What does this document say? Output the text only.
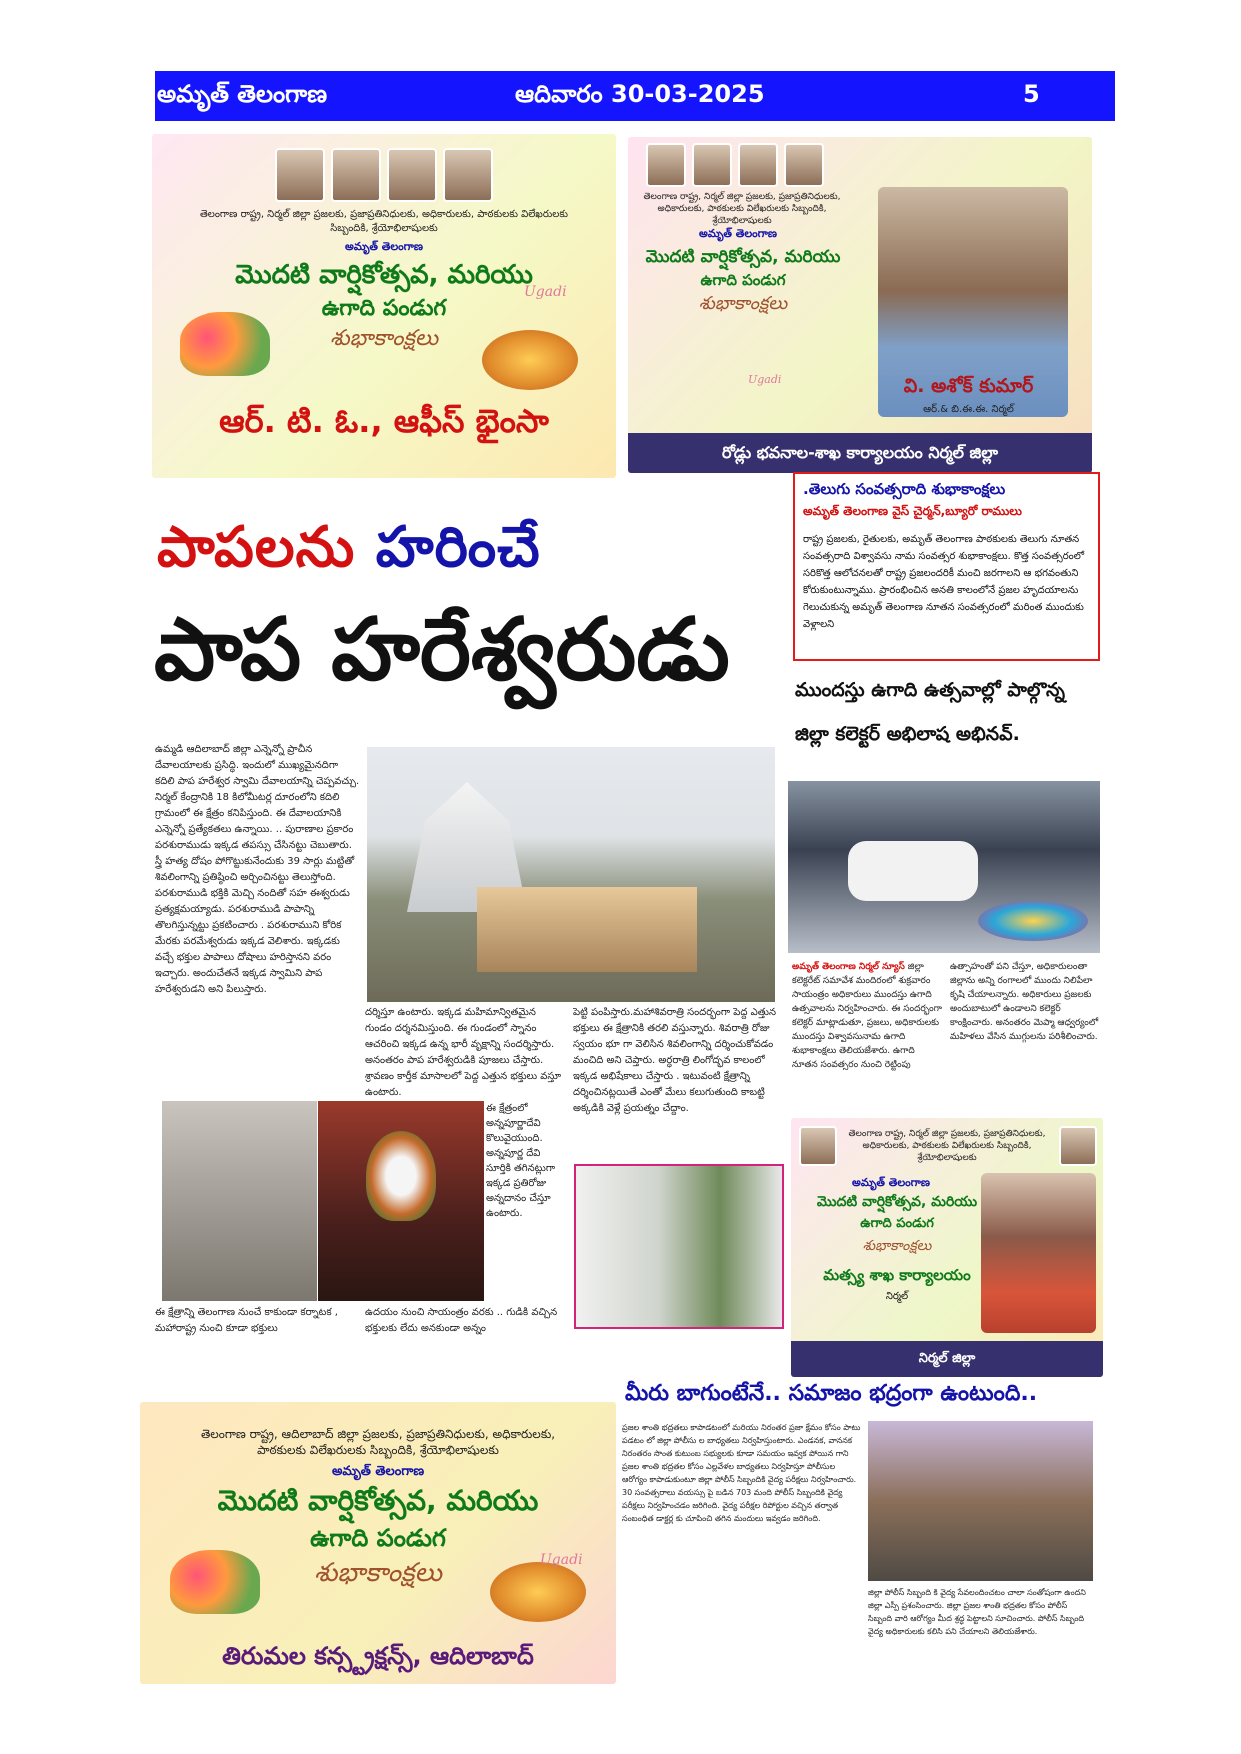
అమృత్ తెలంగాణ	ఆదివారం 30-03-2025	5
తెలంగాణ రాష్ట్ర, నిర్మల్ జిల్లా ప్రజలకు, ప్రజాప్రతినిధులకు, అధికారులకు, పాఠకులకు విలేఖరులకు సిబ్బందికి, శ్రేయోభిలాషులకు
అమృత్ తెలంగాణ
మొదటి వార్షికోత్సవ, మరియు
ఉగాది పండుగ
శుభాకాంక్షలు
Ugadi
ఆర్. టి. ఓ., ఆఫీస్ భైంసా
తెలంగాణ రాష్ట్ర, నిర్మల్ జిల్లా ప్రజలకు, ప్రజాప్రతినిధులకు, అధికారులకు, పాఠకులకు విలేఖరులకు సిబ్బందికి, శ్రేయోభిలాషులకు
అమృత్ తెలంగాణ
మొదటి వార్షికోత్సవ, మరియు
ఉగాది పండుగ
శుభాకాంక్షలు
Ugadi	వి. అశోక్ కుమార్
ఆర్.& బి.ఈ.ఈ. నిర్మల్
రోడ్లు భవనాల-శాఖ కార్యాలయం నిర్మల్ జిల్లా
.తెలుగు సంవత్సరాది శుభాకాంక్షలు
అమృత్ తెలంగాణ వైస్ చైర్మన్,బ్యూరో రాములు

రాష్ట్ర ప్రజలకు, రైతులకు, అమృత్ తెలంగాణ పాఠకులకు తెలుగు నూతన సంవత్సరాది విశ్వావసు నామ సంవత్సర శుభాకాంక్షలు. కొత్త సంవత్సరంలో సరికొత్త ఆలోచనలతో రాష్ట్ర ప్రజలందరికీ మంచి జరగాలని ఆ భగవంతుని కోరుకుంటున్నాము. ప్రారంభించిన అనతి కాలంలోనే ప్రజల హృదయాలను గెలుచుకున్న అమృత్ తెలంగాణ నూతన సంవత్సరంలో మరింత ముందుకు వెళ్లాలని

పాపలను హరించే
పాప హరేశ్వరుడు	ముందస్తు ఉగాది ఉత్సవాల్లో పాల్గొన్న జిల్లా కలెక్టర్ అభిలాష అభినవ్.
ఉమ్మడి ఆదిలాబాద్ జిల్లా ఎన్నెన్నో ప్రాచీన దేవాలయాలకు ప్రసిద్ధి. ఇందులో ముఖ్యమైనదిగా కదిలి పాప హరేశ్వర స్వామి దేవాలయాన్ని చెప్పవచ్చు. నిర్మల్ కేంద్రానికి 18 కిలోమీటర్ల దూరంలోని కదిలి గ్రామంలో ఈ క్షేత్రం కనిపిస్తుంది. ఈ దేవాలయానికి ఎన్నెన్నో ప్రత్యేకతలు ఉన్నాయి. .. పురాణాల ప్రకారం పరశురాముడు ఇక్కడ తపస్సు చేసినట్టు చెబుతారు. స్త్రీ హత్య దోషం పోగొట్టుకునేందుకు 39 సార్లు మట్టితో శివలింగాన్ని ప్రతిష్ఠించి అర్చించినట్టు తెలుస్తోంది. పరశురాముడి భక్తికి మెచ్చి నందితో సహ ఈశ్వరుడు ప్రత్యక్షమయ్యాడు. పరశురాముడి పాపాన్ని తొలగిస్తున్నట్టు ప్రకటించారు . పరశురాముని కోరిక మేరకు పరమేశ్వరుడు ఇక్కడ వెలిశారు. ఇక్కడకు వచ్చే భక్తుల పాపాలు దోషాలు హరిస్తానని వరం ఇచ్చారు. అందుచేతనే ఇక్కడ స్వామిని పాప హరేశ్వరుడని అని పిలుస్తారు.
దర్శిస్తూ ఉంటారు. ఇక్కడ మహిమాన్వితమైన గుండం దర్శనమిస్తుంది. ఈ గుండంలో స్నానం ఆచరించి ఇక్కడ ఉన్న భారీ వృక్షాన్ని సందర్శిస్తారు. అనంతరం పాప హరేశ్వరుడికి పూజలు చేస్తారు. శ్రావణం కార్తీక మాసాలలో పెద్ద ఎత్తున భక్తులు వస్తూ ఉంటారు.
పెట్టి పంపిస్తారు.మహాశివరాత్రి సందర్భంగా పెద్ద ఎత్తున భక్తులు ఈ క్షేత్రానికి తరలి వస్తున్నారు. శివరాత్రి రోజు స్వయం భూ గా వెలిసిన శివలింగాన్ని దర్శించుకోవడం మంచిది అని చెప్తారు. అర్ధరాత్రి లింగోద్భవ కాలంలో ఇక్కడ అభిషేకాలు చేస్తారు . ఇటువంటి క్షేత్రాన్ని దర్శించినట్లయితే ఎంతో మేలు కలుగుతుంది కాబట్టి అక్కడికి వెళ్లే ప్రయత్నం చేద్దాం.
ఈ క్షేత్రంలో అన్నపూర్ణాదేవి కొలువైయుంది. అన్నపూర్ణ దేవి సూర్తికి తగినట్లుగా ఇక్కడ ప్రతిరోజు అన్నదానం చేస్తూ ఉంటారు.
ఈ క్షేత్రాన్ని తెలంగాణ నుంచే కాకుండా కర్నాటక , మహారాష్ట్ర నుంచి కూడా భక్తులు
ఉదయం నుంచి సాయంత్రం వరకు .. గుడికి వచ్చిన భక్తులకు లేదు అనకుండా అన్నం
అమృత్ తెలంగాణ నిర్మల్ న్యూస్ జిల్లా కలెక్టరేట్ సమావేశ మందిరంలో శుక్రవారం సాయంత్రం అధికారులు ముందస్తు ఉగాది ఉత్సవాలను నిర్వహించారు. ఈ సందర్భంగా కలెక్టర్ మాట్లాడుతూ, ప్రజలు, అధికారులకు ముందస్తు విశ్వావసునామ ఉగాది శుభాకాంక్షలు తెలియజేశారు. ఉగాది నూతన సంవత్సరం నుంచి రెట్టింపు
ఉత్సాహంతో పని చేస్తూ, అధికారులంతా జిల్లాను అన్ని రంగాలలో ముందు నిలిపేలా కృషి చేయాలన్నారు. అధికారులు ప్రజలకు అందుబాటులో ఉండాలని కలెక్టర్ కాంక్షించారు. అనంతరం మెప్మా ఆధ్వర్యంలో మహిళలు వేసిన ముగ్గులను పరిశీలించారు.
తెలంగాణ రాష్ట్ర, నిర్మల్ జిల్లా ప్రజలకు, ప్రజాప్రతినిధులకు, అధికారులకు, పాఠకులకు విలేఖరులకు సిబ్బందికి, శ్రేయోభిలాషులకు
అమృత్ తెలంగాణ
మొదటి వార్షికోత్సవ, మరియు
ఉగాది పండుగ
శుభాకాంక్షలు
మత్స్య శాఖ కార్యాలయం
నిర్మల్
నిర్మల్ జిల్లా
మీరు బాగుంటేనే.. సమాజం భద్రంగా ఉంటుంది..
ప్రజల శాంతి భద్రతలు కాపాడటంలో మరియు నిరంతర ప్రజా క్షేమం కోసం పాటు పడటం లో జిల్లా పోలీసు ల బాధ్యతలు నిర్వహిస్తుంటారు. ఎండనక, వాననక నిరంతరం సొంత కుటుంబ సభ్యులకు కూడా సమయం ఇవ్వక పోయిన గాని ప్రజల శాంతి భద్రతల కోసం ఎల్లవేళల బాధ్యతలు నిర్వహిస్తూ పోలీసుల ఆరోగ్యం కాపాడుకుంటూ జిల్లా పోలీస్ సిబ్బందికి వైద్య పరీక్షలు నిర్వహించారు. 30 సంవత్సరాలు వయస్సు పై బడిన 703 మంది పోలీస్ సిబ్బందికి వైద్య పరీక్షలు నిర్వహించడం జరిగింది. వైద్య పరీక్షల రిపోర్టుల వచ్చిన తర్వాత సంబంధిత డాక్టర్ల కు చూపించి తగిన మందులు ఇవ్వడం జరిగింది.
జిల్లా పోలీస్ సిబ్బంది కి వైద్య సేవలందించటం చాలా సంతోషంగా ఉందని జిల్లా ఎస్పీ ప్రశంసించారు. జిల్లా ప్రజల శాంతి భద్రతల కోసం పోలీస్ సిబ్బంది వారి ఆరోగ్యం మీద శ్రద్ధ పెట్టాలని సూచించారు. పోలీస్ సిబ్బంది వైద్య అధికారులకు కలిసి పని చేయాలని తెలియజేశారు.
తెలంగాణ రాష్ట్ర, ఆదిలాబాద్ జిల్లా ప్రజలకు, ప్రజాప్రతినిధులకు, అధికారులకు, పాఠకులకు విలేఖరులకు సిబ్బందికి, శ్రేయోభిలాషులకు
అమృత్ తెలంగాణ
మొదటి వార్షికోత్సవ, మరియు
ఉగాది పండుగ
శుభాకాంక్షలు	Ugadi
తిరుమల కన్స్ట్రక్షన్స్, ఆదిలాబాద్
